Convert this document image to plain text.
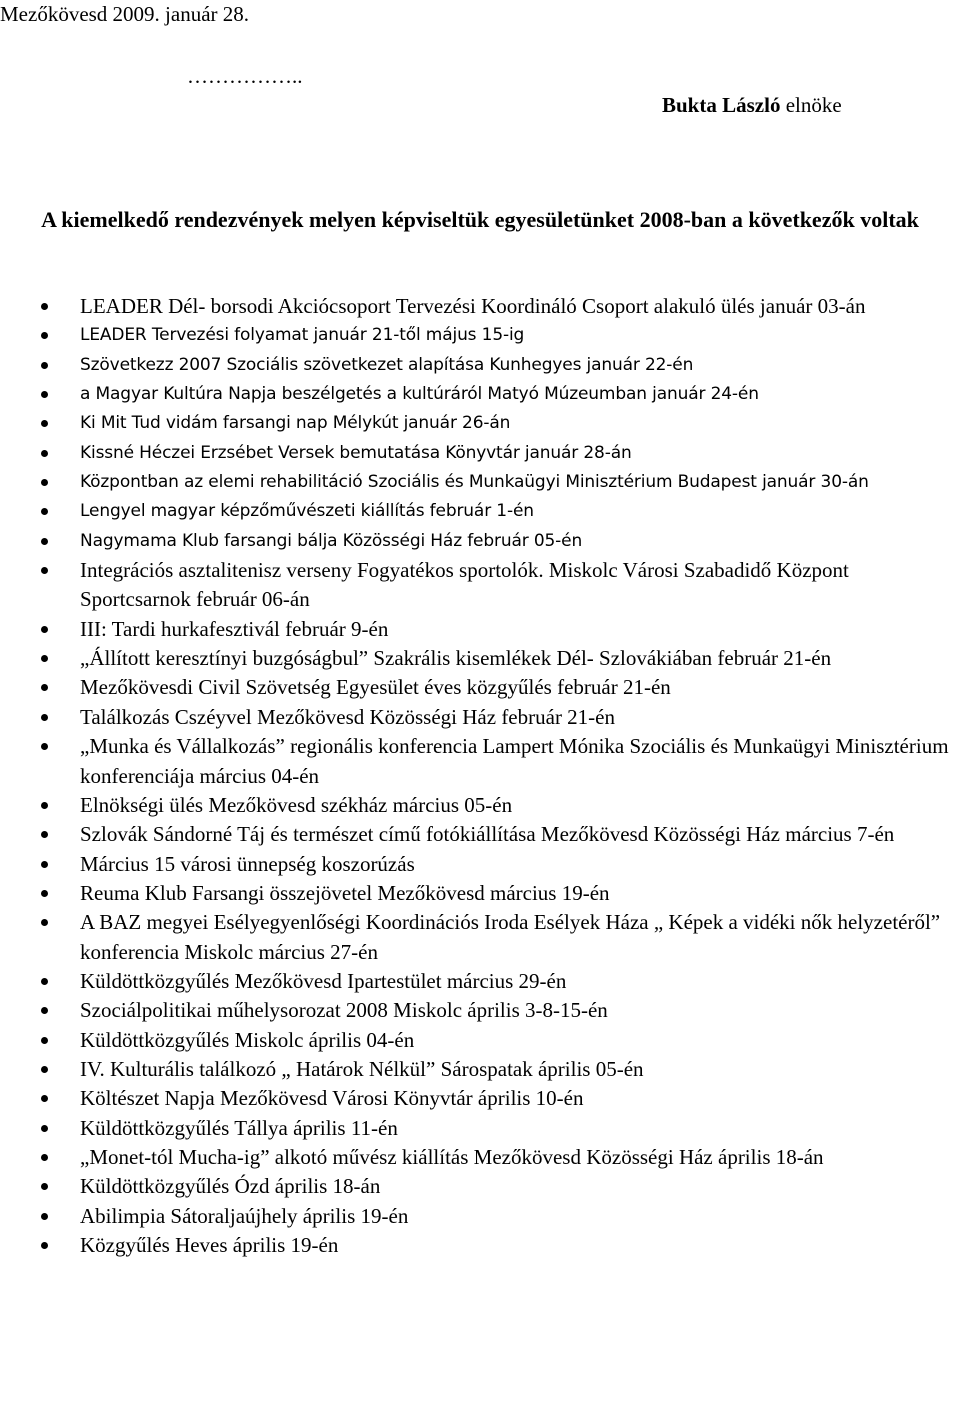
Mezőkövesd 2009. január 28.
……………..
Bukta László elnöke
A kiemelkedő rendezvények melyen képviseltük egyesületünket 2008-ban a következők voltak
LEADER Dél- borsodi Akciócsoport Tervezési Koordináló Csoport alakuló ülés január 03-án
LEADER Tervezési folyamat január 21-től május 15-ig
Szövetkezz 2007 Szociális szövetkezet alapítása Kunhegyes január 22-én
a Magyar Kultúra Napja beszélgetés a kultúráról Matyó Múzeumban január 24-én
Ki Mit Tud vidám farsangi nap Mélykút január 26-án
Kissné Héczei Erzsébet Versek bemutatása Könyvtár január 28-án
Központban az elemi rehabilitáció Szociális és Munkaügyi Minisztérium Budapest január 30-án
Lengyel magyar képzőművészeti kiállítás február 1-én
Nagymama Klub farsangi bálja Közösségi Ház február 05-én
Integrációs asztalitenisz verseny Fogyatékos sportolók. Miskolc Városi Szabadidő Központ Sportcsarnok február 06-án
III: Tardi hurkafesztivál február 9-én
„Állított keresztínyi buzgóságbul” Szakrális kisemlékek Dél- Szlovákiában február 21-én
Mezőkövesdi Civil Szövetség Egyesület éves közgyűlés február 21-én
Találkozás Cszéyvel Mezőkövesd Közösségi Ház február 21-én
„Munka és Vállalkozás” regionális konferencia Lampert Mónika Szociális és Munkaügyi Minisztérium konferenciája március 04-én
Elnökségi ülés Mezőkövesd székház március 05-én
Szlovák Sándorné Táj és természet című fotókiállítása Mezőkövesd Közösségi Ház március 7-én
Március 15 városi ünnepség koszorúzás
Reuma Klub Farsangi összejövetel Mezőkövesd március 19-én
A BAZ megyei Esélyegyenlőségi Koordinációs Iroda Esélyek Háza „ Képek a vidéki nők helyzetéről” konferencia Miskolc március 27-én
Küldöttközgyűlés Mezőkövesd Ipartestület március 29-én
Szociálpolitikai műhelysorozat 2008 Miskolc április 3-8-15-én
Küldöttközgyűlés Miskolc április 04-én
IV. Kulturális találkozó „ Határok Nélkül” Sárospatak április 05-én
Költészet Napja Mezőkövesd Városi Könyvtár április 10-én
Küldöttközgyűlés Tállya április 11-én
„Monet-tól Mucha-ig” alkotó művész kiállítás Mezőkövesd Közösségi Ház április 18-án
Küldöttközgyűlés Ózd április 18-án
Abilimpia Sátoraljaújhely április 19-én
Közgyűlés Heves április 19-én
